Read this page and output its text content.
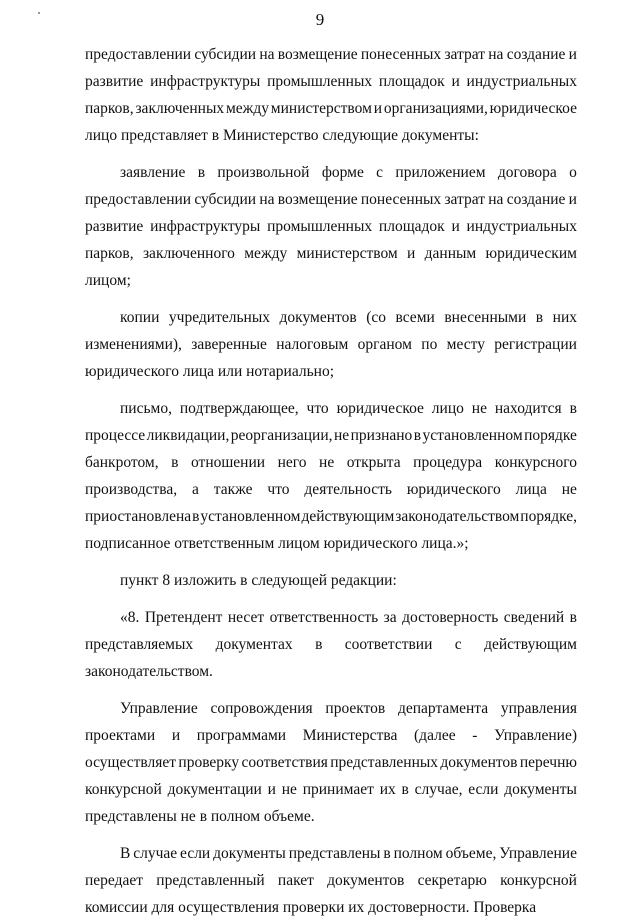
9
предоставлении субсидии на возмещение понесенных затрат на создание и
развитие инфраструктуры промышленных площадок и индустриальных
парков, заключенных между министерством и организациями, юридическое
лицо представляет в Министерство следующие документы:
заявление в произвольной форме с приложением договора о
предоставлении субсидии на возмещение понесенных затрат на создание и
развитие инфраструктуры промышленных площадок и индустриальных
парков, заключенного между министерством и данным юридическим
лицом;
копии учредительных документов (со всеми внесенными в них
изменениями), заверенные налоговым органом по месту регистрации
юридического лица или нотариально;
письмо, подтверждающее, что юридическое лицо не находится в
процессе ликвидации, реорганизации, не признано в установленном порядке
банкротом, в отношении него не открыта процедура конкурсного
производства, а также что деятельность юридического лица не
приостановлена в установленном действующим законодательством порядке,
подписанное ответственным лицом юридического лица.»;
пункт 8 изложить в следующей редакции:
«8. Претендент несет ответственность за достоверность сведений в
представляемых документах в соответствии с действующим
законодательством.
Управление сопровождения проектов департамента управления
проектами и программами Министерства (далее - Управление)
осуществляет проверку соответствия представленных документов перечню
конкурсной документации и не принимает их в случае, если документы
представлены не в полном объеме.
В случае если документы представлены в полном объеме, Управление
передает представленный пакет документов секретарю конкурсной
комиссии для осуществления проверки их достоверности. Проверка
